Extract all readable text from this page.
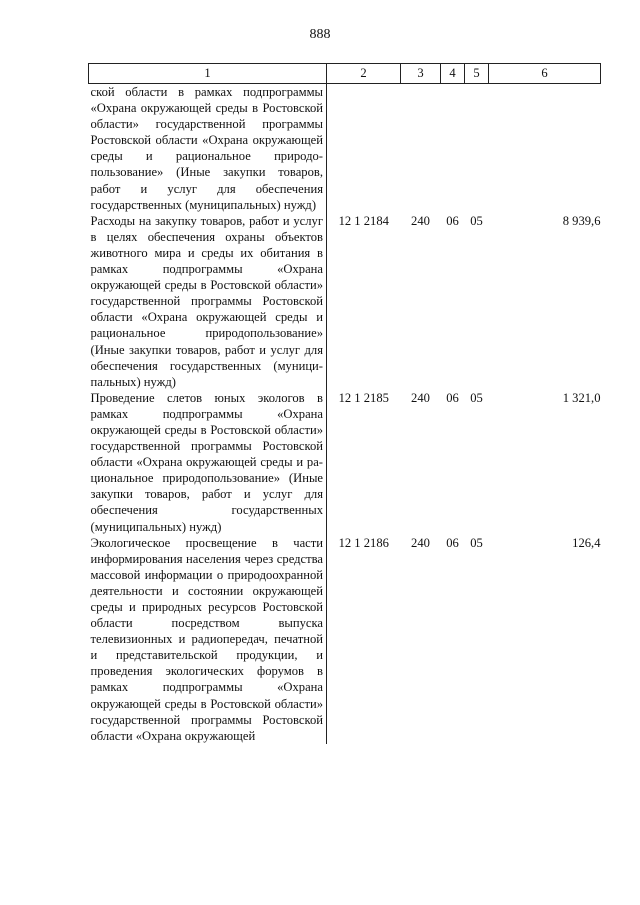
888
1	2	3	4	5	6
ской области в рамках подпрограммы «Охрана окружающей среды в Ростовской области» государственной программы Ростовской области «Охрана окружающей среды и рациональное природопользование» (Иные закупки товаров, работ и услуг для обеспечения государственных (муниципальных) нужд)					
Расходы на закупку товаров, работ и услуг в целях обеспечения охраны объектов животного мира и среды их обитания в рамках подпрограммы «Охрана окружающей среды в Ростовской области» государственной программы Ростовской области «Охрана окружающей среды и рациональное природопользование» (Иные закупки товаров, работ и услуг для обеспечения государственных (муниципальных) нужд)	12 1 2184	240	06	05	8 939,6
Проведение слетов юных экологов в рамках подпрограммы «Охрана окружающей среды в Ростовской области» государственной программы Ростовской области «Охрана окружающей среды и рациональное природопользование» (Иные закупки товаров, работ и услуг для обеспечения государственных (муниципальных) нужд)	12 1 2185	240	06	05	1 321,0
Экологическое просвещение в части информирования населения через средства массовой информации о природоохранной деятельности и состоянии окружающей среды и природных ресурсов Ростовской области посредством выпуска телевизионных и радиопередач, печатной и представительской продукции, и проведения экологических форумов в рамках подпрограммы «Охрана окружающей среды в Ростовской области» государственной программы Ростовской области «Охрана окружающей	12 1 2186	240	06	05	126,4
